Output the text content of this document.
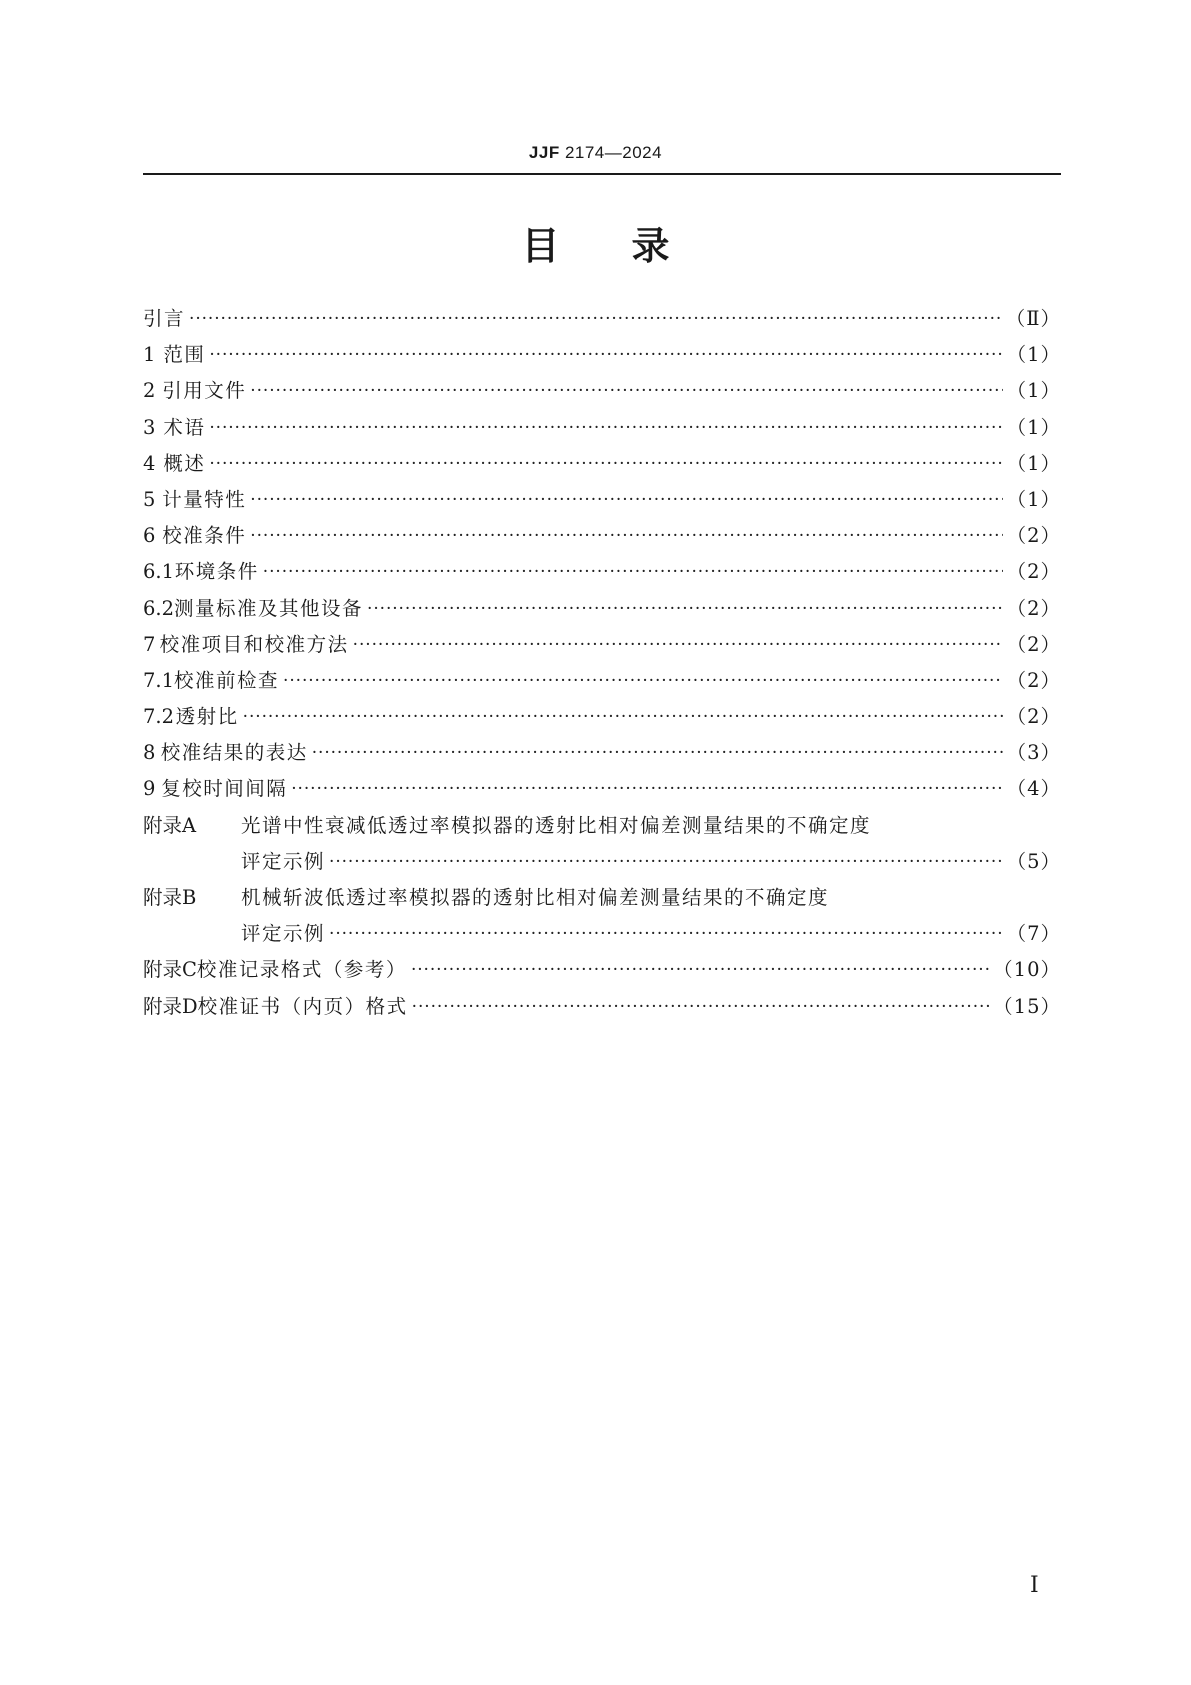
JJF 2174—2024
目录
引言 ·····	（Ⅱ）
1 范围 ·····	（1）
2 引用文件 ·····	（1）
3 术语 ·····	（1）
4 概述 ·····	（1）
5 计量特性 ·····	（1）
6 校准条件 ·····	（2）
6.1 环境条件 ·····	（2）
6.2 测量标准及其他设备 ·····	（2）
7 校准项目和校准方法 ·····	（2）
7.1 校准前检查 ·····	（2）
7.2 透射比 ·····	（2）
8 校准结果的表达 ·····	（3）
9 复校时间间隔 ·····	（4）
附录A	光谱中性衰减低透过率模拟器的透射比相对偏差测量结果的不确定度
评定示例 ·····	（5）
附录B	机械斩波低透过率模拟器的透射比相对偏差测量结果的不确定度
评定示例 ·····	（7）
附录C 校准记录格式（参考） ·····	（10）
附录D 校准证书（内页）格式 ·····	（15）
I
